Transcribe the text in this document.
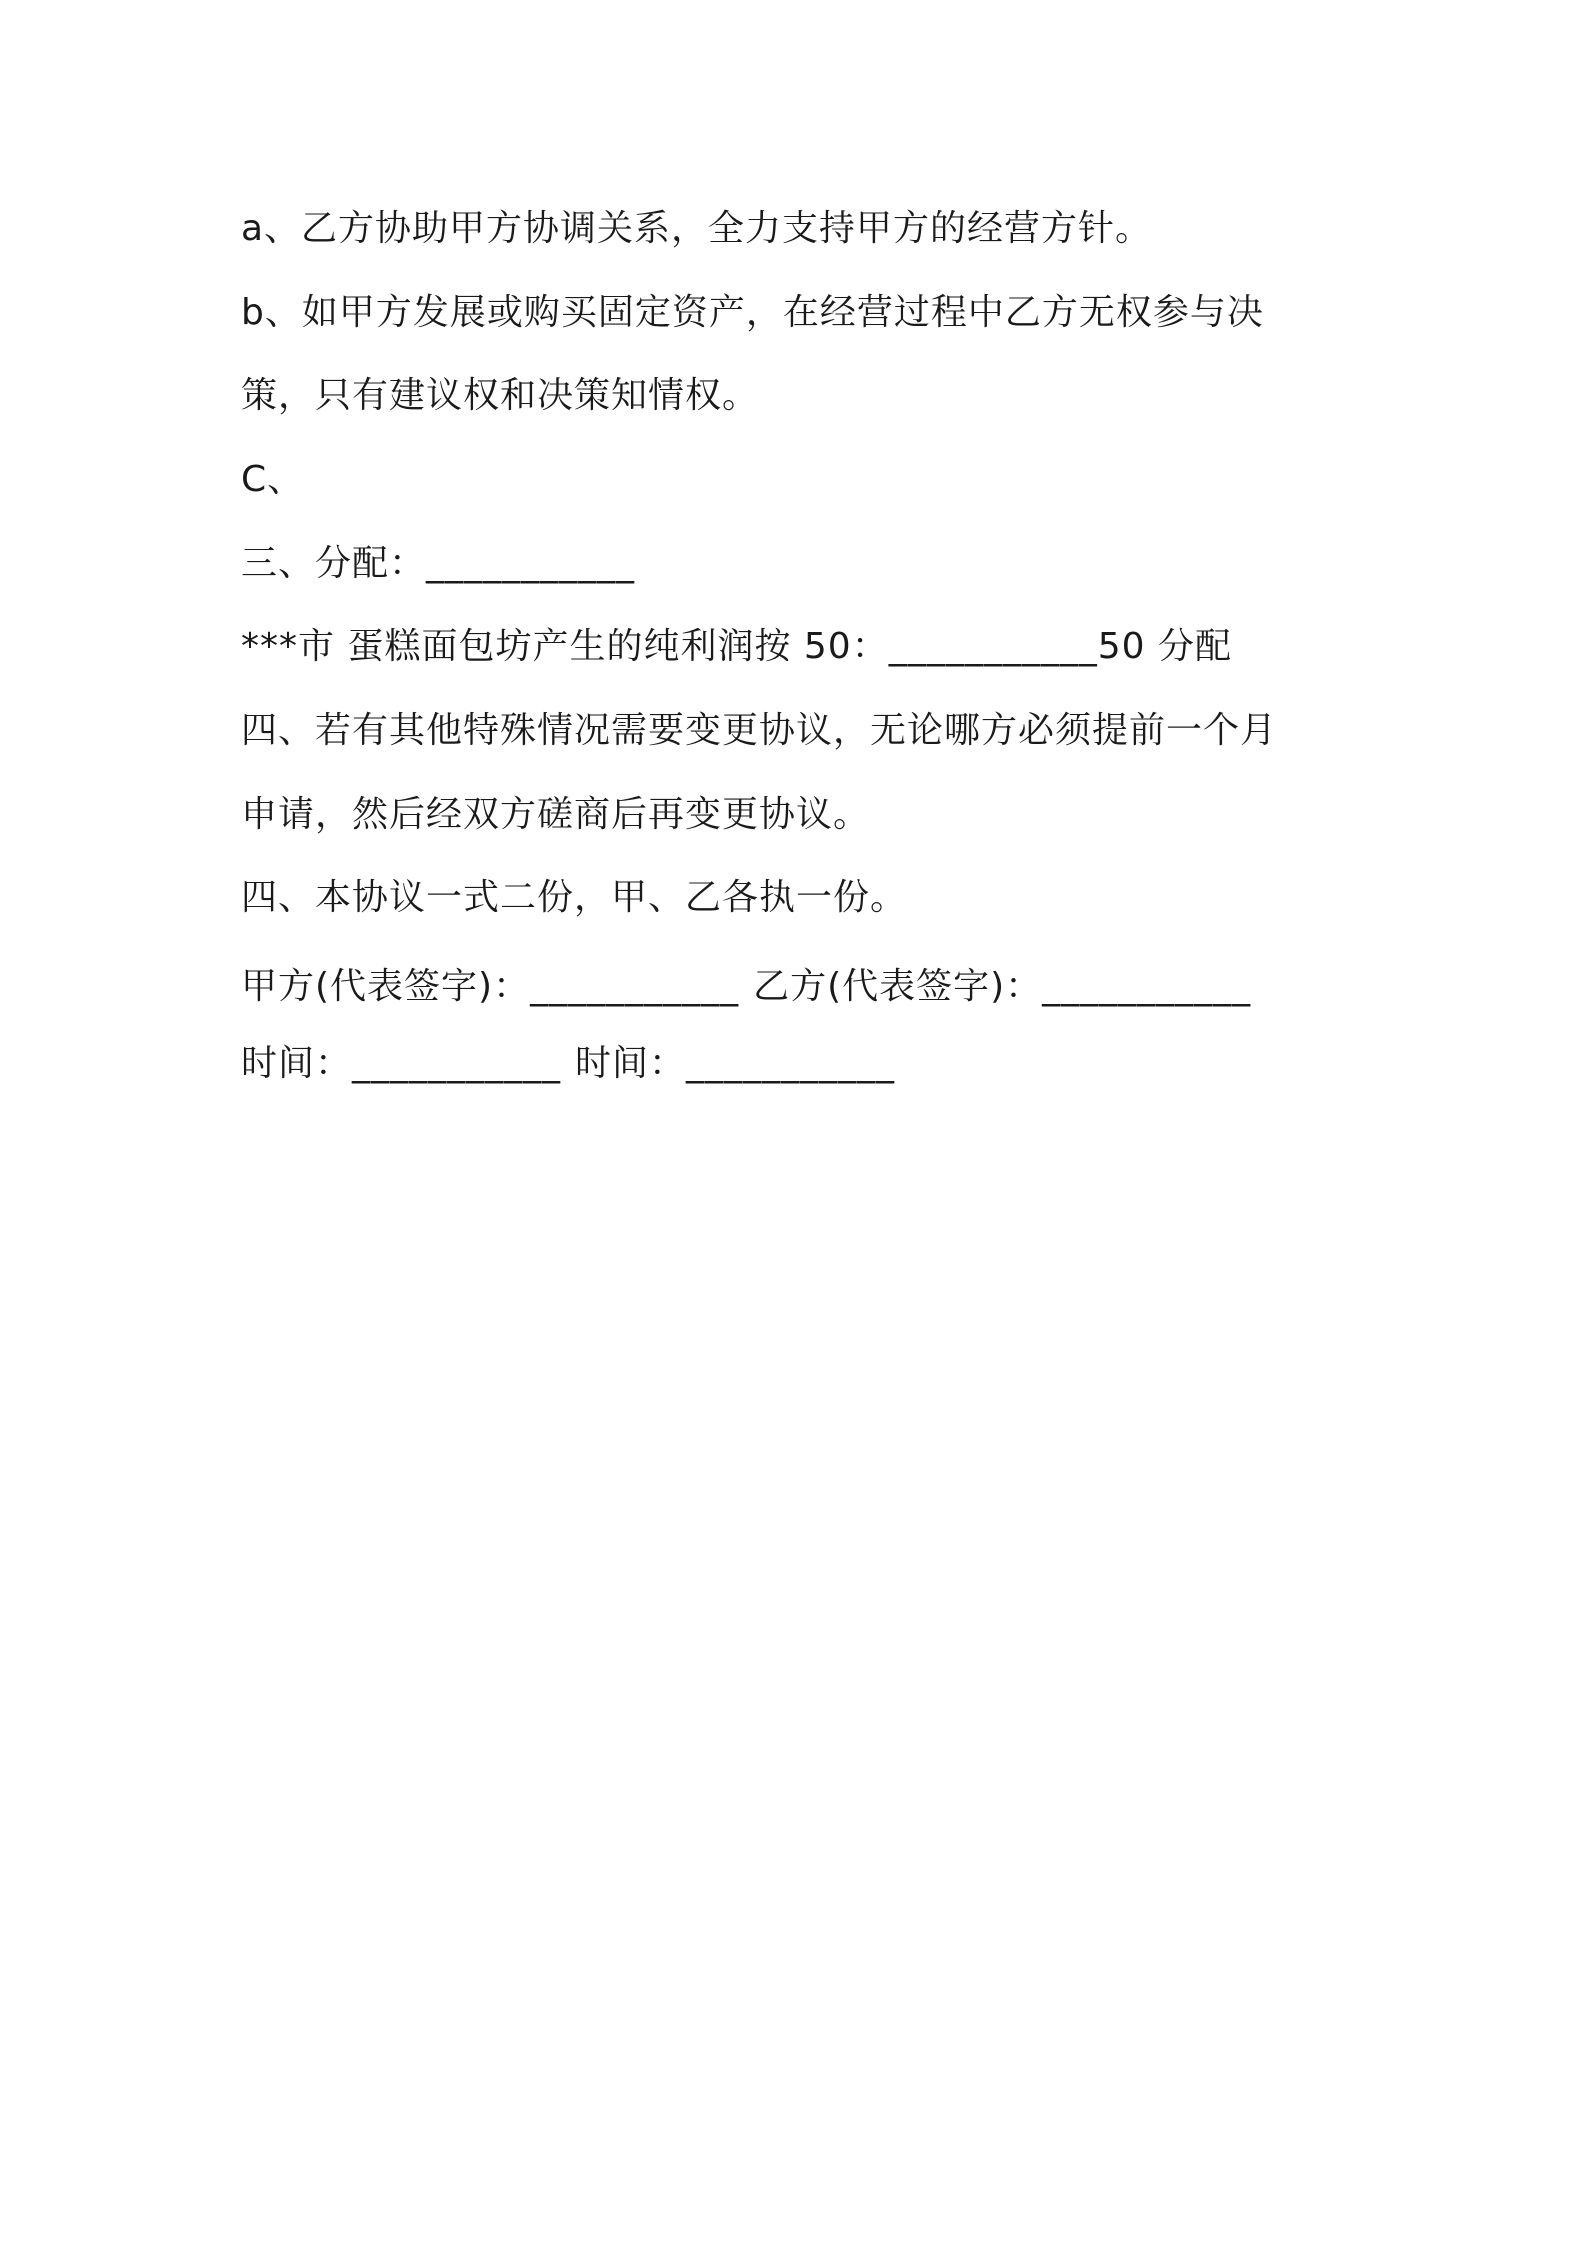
a、乙方协助甲方协调关系，全力支持甲方的经营方针。
b、如甲方发展或购买固定资产，在经营过程中乙方无权参与决
策，只有建议权和决策知情权。
C、
三、分配：___________
***市 蛋糕面包坊产生的纯利润按 50：___________50 分配
四、若有其他特殊情况需要变更协议，无论哪方必须提前一个月
申请，然后经双方磋商后再变更协议。
四、本协议一式二份，甲、乙各执一份。
甲方(代表签字)：___________ 乙方(代表签字)：___________
时间：___________ 时间：___________
